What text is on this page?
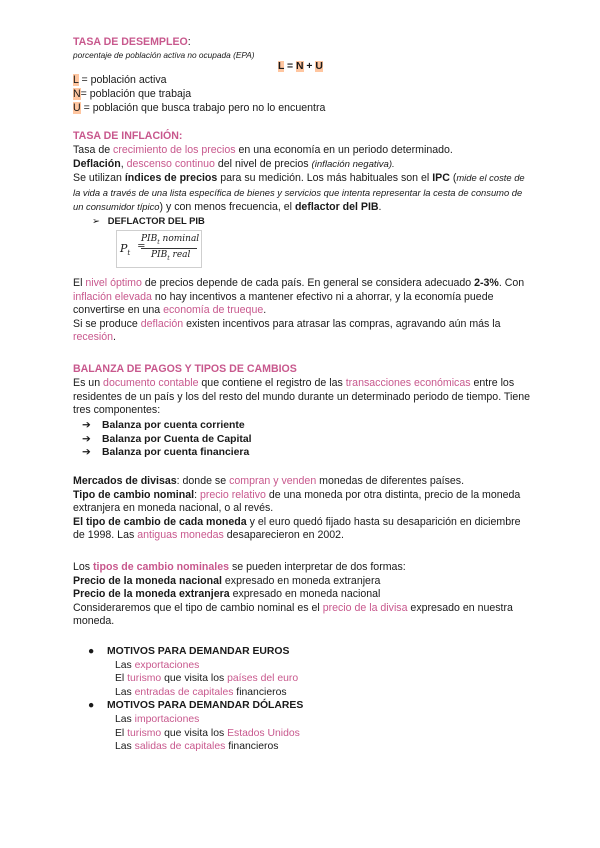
TASA DE DESEMPLEO:
porcentaje de población activa no ocupada (EPA)
L = N + U
L = población activa
N= población que trabaja
U = población que busca trabajo pero no lo encuentra
TASA DE INFLACIÓN:
Tasa de crecimiento de los precios en una economía en un periodo determinado.
Deflación, descenso continuo del nivel de precios (inflación negativa).
Se utilizan índices de precios para su medición. Los más habituales son el IPC (mide el coste de la vida a través de una lista específica de bienes y servicios que intenta representar la cesta de consumo de un consumidor típico) y con menos frecuencia, el deflactor del PIB.
➢ DEFLACTOR DEL PIB
$P_t$
=
$PIB_t$ nominal
$PIB_t$ real
El nivel óptimo de precios depende de cada país. En general se considera adecuado 2-3%. Con inflación elevada no hay incentivos a mantener efectivo ni a ahorrar, y la economía puede convertirse en una economía de trueque.
Si se produce deflación existen incentivos para atrasar las compras, agravando aún más la recesión.
BALANZA DE PAGOS Y TIPOS DE CAMBIOS
Es un documento contable que contiene el registro de las transacciones económicas entre los residentes de un país y los del resto del mundo durante un determinado periodo de tiempo. Tiene tres componentes:
➔ Balanza por cuenta corriente
➔ Balanza por Cuenta de Capital
➔ Balanza por cuenta financiera
Mercados de divisas: donde se compran y venden monedas de diferentes países.
Tipo de cambio nominal: precio relativo de una moneda por otra distinta, precio de la moneda extranjera en moneda nacional, o al revés.
El tipo de cambio de cada moneda y el euro quedó fijado hasta su desaparición en diciembre de 1998. Las antiguas monedas desaparecieron en 2002.
Los tipos de cambio nominales se pueden interpretar de dos formas:
Precio de la moneda nacional expresado en moneda extranjera
Precio de la moneda extranjera expresado en moneda nacional
Consideraremos que el tipo de cambio nominal es el precio de la divisa expresado en nuestra moneda.
● MOTIVOS PARA DEMANDAR EUROS
Las exportaciones
El turismo que visita los países del euro
Las entradas de capitales financieros
● MOTIVOS PARA DEMANDAR DÓLARES
Las importaciones
El turismo que visita los Estados Unidos
Las salidas de capitales financieros
